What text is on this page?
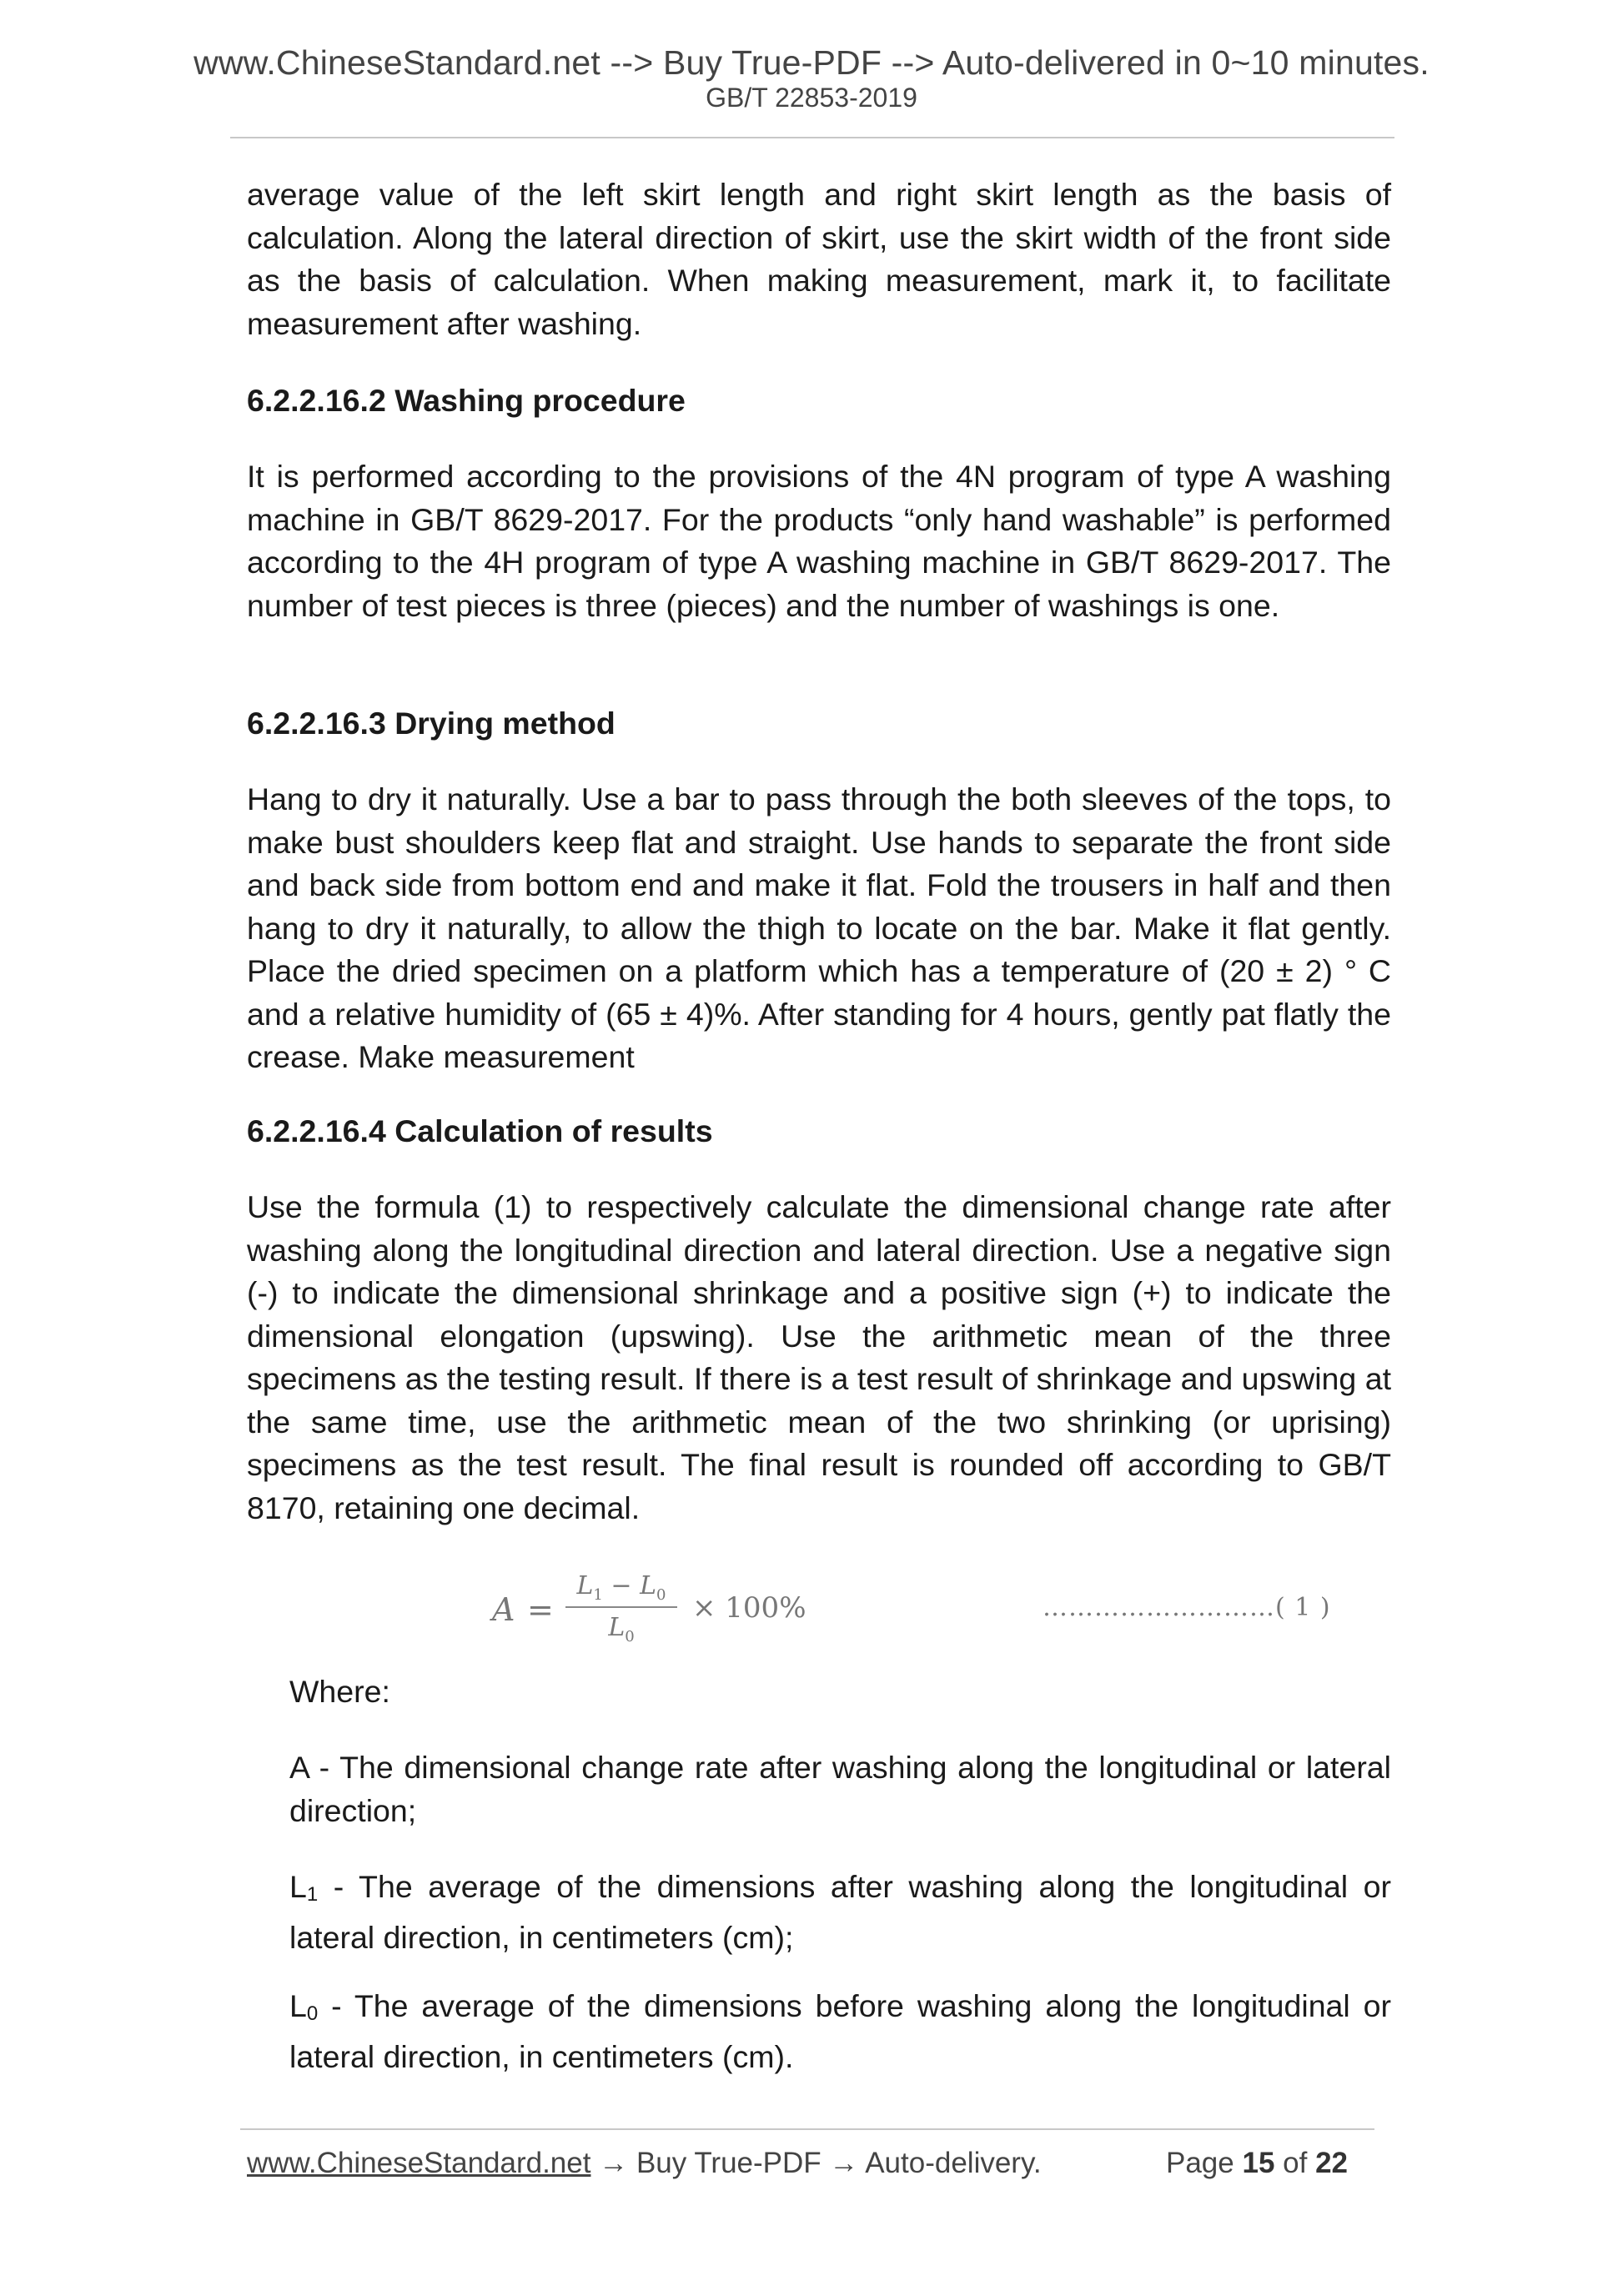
www.ChineseStandard.net --> Buy True-PDF --> Auto-delivered in 0~10 minutes.
GB/T 22853-2019

average value of the left skirt length and right skirt length as the basis of calculation. Along the lateral direction of skirt, use the skirt width of the front side as the basis of calculation. When making measurement, mark it, to facilitate measurement after washing.

6.2.2.16.2 Washing procedure

It is performed according to the provisions of the 4N program of type A washing machine in GB/T 8629-2017. For the products “only hand washable” is performed according to the 4H program of type A washing machine in GB/T 8629-2017. The number of test pieces is three (pieces) and the number of washings is one.

6.2.2.16.3 Drying method

Hang to dry it naturally. Use a bar to pass through the both sleeves of the tops, to make bust shoulders keep flat and straight. Use hands to separate the front side and back side from bottom end and make it flat. Fold the trousers in half and then hang to dry it naturally, to allow the thigh to locate on the bar. Make it flat gently. Place the dried specimen on a platform which has a temperature of (20 ± 2) ° C and a relative humidity of (65 ± 4)%. After standing for 4 hours, gently pat flatly the crease. Make measurement

6.2.2.16.4 Calculation of results

Use the formula (1) to respectively calculate the dimensional change rate after washing along the longitudinal direction and lateral direction. Use a negative sign (-) to indicate the dimensional shrinkage and a positive sign (+) to indicate the dimensional elongation (upswing). Use the arithmetic mean of the three specimens as the testing result. If there is a test result of shrinkage and upswing at the same time, use the arithmetic mean of the two shrinking (or uprising) specimens as the test result. The final result is rounded off according to GB/T 8170, retaining one decimal.

A =
$L_1 - L_0$
$L_0$
× 100%	………………………( 1 )

Where:

A - The dimensional change rate after washing along the longitudinal or lateral direction;

$L_1$ - The average of the dimensions after washing along the longitudinal or lateral direction, in centimeters (cm);

$L_0$ - The average of the dimensions before washing along the longitudinal or lateral direction, in centimeters (cm).

www.ChineseStandard.net → Buy True-PDF → Auto-delivery.	Page 15 of 22
